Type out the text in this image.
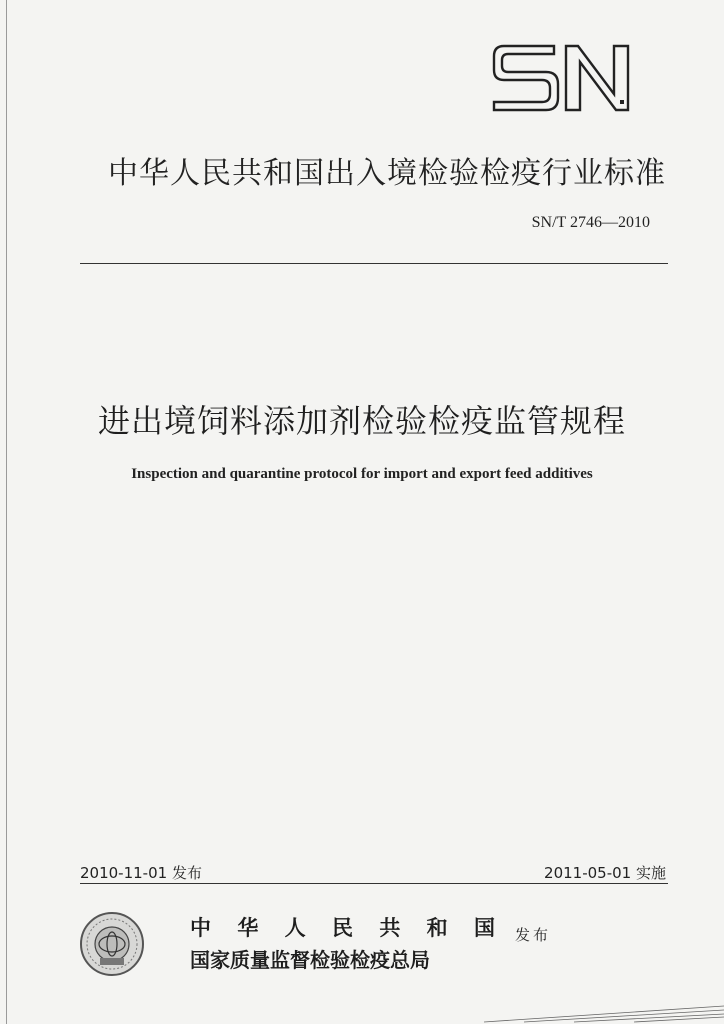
中华人民共和国出入境检验检疫行业标准
SN/T 2746—2010
进出境饲料添加剂检验检疫监管规程
Inspection and quarantine protocol for import and export feed additives
2010-11-01 发布	2011-05-01 实施
中 华 人 民 共 和 国
国家质量监督检验检疫总局
发布
